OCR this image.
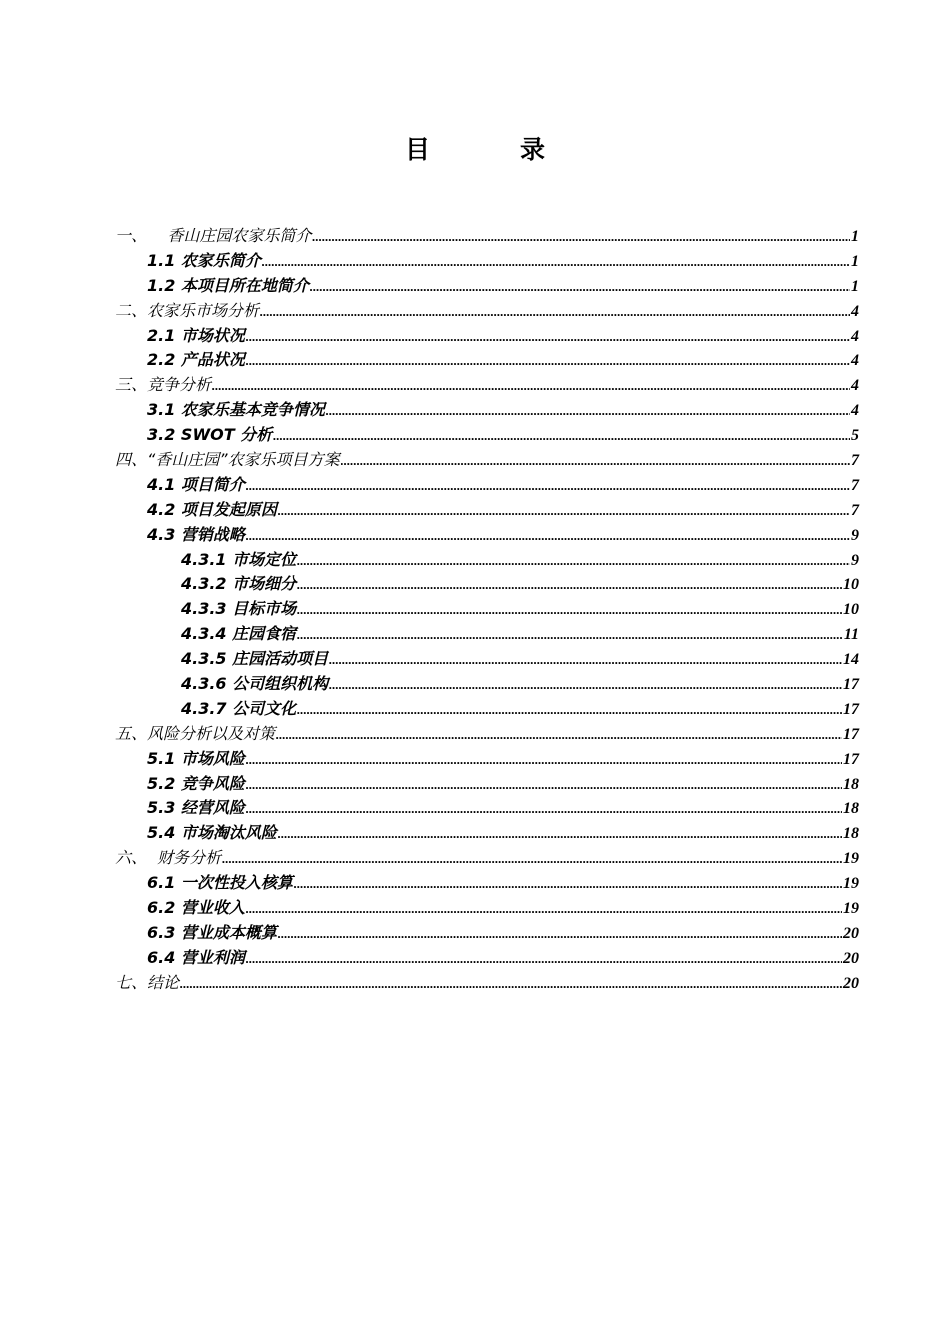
目	录
一、    香山庄园农家乐简介 .....	1
1.1 农家乐简介 .....	1
1.2 本项目所在地简介 .....	1
二、农家乐市场分析 .....	4
2.1 市场状况 .....	4
2.2 产品状况 .....	4
三、竞争分析 .....	4
3.1 农家乐基本竞争情况 .....	4
3.2 SWOT 分析 .....	5
四、“香山庄园”农家乐项目方案 .....	7
4.1 项目简介 .....	7
4.2 项目发起原因 .....	7
4.3 营销战略 .....	9
4.3.1 市场定位 .....	9
4.3.2 市场细分 .....	10
4.3.3 目标市场 .....	10
4.3.4 庄园食宿 .....	11
4.3.5 庄园活动项目 .....	14
4.3.6 公司组织机构 .....	17
4.3.7 公司文化 .....	17
五、风险分析以及对策 .....	17
5.1 市场风险 .....	17
5.2 竞争风险 .....	18
5.3 经营风险 .....	18
5.4 市场淘汰风险 .....	18
六、  财务分析 .....	19
6.1 一次性投入核算 .....	19
6.2 营业收入 .....	19
6.3 营业成本概算 .....	20
6.4 营业利润 .....	20
七、结论 .....	20
